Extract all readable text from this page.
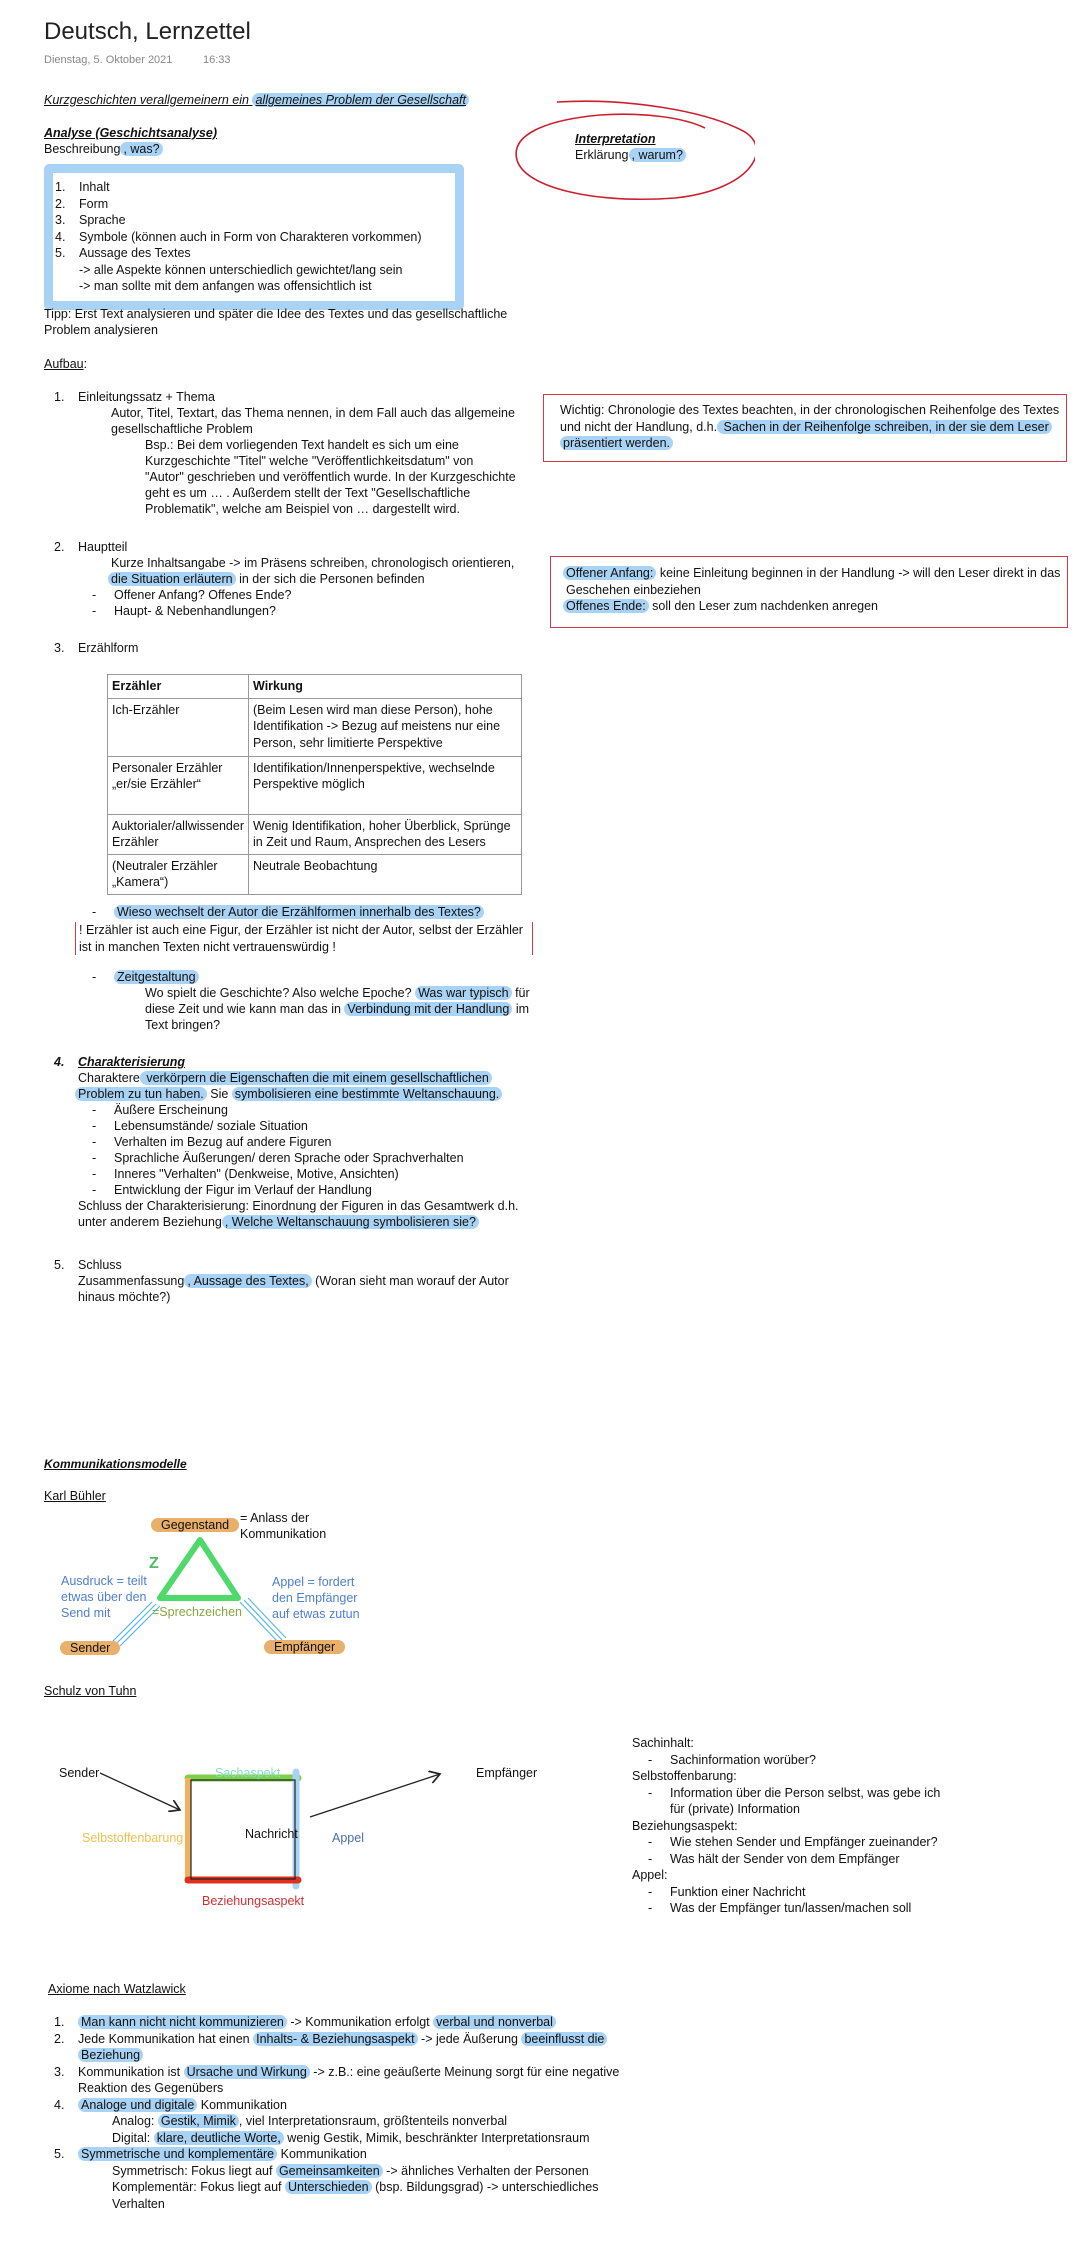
Deutsch, Lernzettel
Dienstag, 5. Oktober 2021	16:33
Kurzgeschichten verallgemeinern ein allgemeines Problem der Gesellschaft
Analyse (Geschichtsanalyse)
Beschreibung , was?
1. Inhalt
2. Form
3. Sprache
4. Symbole (können auch in Form von Charakteren vorkommen)
5. Aussage des Textes
-> alle Aspekte können unterschiedlich gewichtet/lang sein
-> man sollte mit dem anfangen was offensichtlich ist
Tipp: Erst Text analysieren und später die Idee des Textes und das gesellschaftliche
Problem analysieren
Interpretation
Erklärung , warum?
Aufbau:
1. Einleitungssatz + Thema
Autor, Titel, Textart, das Thema nennen, in dem Fall auch das allgemeine
gesellschaftliche Problem
Bsp.: Bei dem vorliegenden Text handelt es sich um eine
Kurzgeschichte "Titel" welche "Veröffentlichkeitsdatum" von
"Autor" geschrieben und veröffentlich wurde. In der Kurzgeschichte
geht es um … . Außerdem stellt der Text "Gesellschaftliche
Problematik", welche am Beispiel von … dargestellt wird.
2. Hauptteil
Kurze Inhaltsangabe -> im Präsens schreiben, chronologisch orientieren,
die Situation erläutern in der sich die Personen befinden
- Offener Anfang? Offenes Ende?
- Haupt- & Nebenhandlungen?
Wichtig: Chronologie des Textes beachten, in der chronologischen Reihenfolge des Textes
und nicht der Handlung, d.h. Sachen in der Reihenfolge schreiben, in der sie dem Leser
präsentiert werden.
Offener Anfang: keine Einleitung beginnen in der Handlung -> will den Leser direkt in das
Geschehen einbeziehen
Offenes Ende: soll den Leser zum nachdenken anregen
3. Erzählform
Erzähler	Wirkung
Ich-Erzähler	(Beim Lesen wird man diese Person), hohe Identifikation -> Bezug auf meistens nur eine Person, sehr limitierte Perspektive
Personaler Erzähler „er/sie Erzähler“	Identifikation/Innenperspektive, wechselnde Perspektive möglich
Auktorialer/allwissender Erzähler	Wenig Identifikation, hoher Überblick, Sprünge in Zeit und Raum, Ansprechen des Lesers
(Neutraler Erzähler „Kamera“)	Neutrale Beobachtung
- Wieso wechselt der Autor die Erzählformen innerhalb des Textes?
! Erzähler ist auch eine Figur, der Erzähler ist nicht der Autor, selbst der Erzähler
ist in manchen Texten nicht vertrauenswürdig !
- Zeitgestaltung
Wo spielt die Geschichte? Also welche Epoche? Was war typisch für
diese Zeit und wie kann man das in Verbindung mit der Handlung im
Text bringen?
4. Charakterisierung
Charaktere verkörpern die Eigenschaften die mit einem gesellschaftlichen
Problem zu tun haben. Sie symbolisieren eine bestimmte Weltanschauung.
- Äußere Erscheinung
- Lebensumstände/ soziale Situation
- Verhalten im Bezug auf andere Figuren
- Sprachliche Äußerungen/ deren Sprache oder Sprachverhalten
- Inneres "Verhalten" (Denkweise, Motive, Ansichten)
- Entwicklung der Figur im Verlauf der Handlung
Schluss der Charakterisierung: Einordnung der Figuren in das Gesamtwerk d.h.
unter anderem Beziehung , Welche Weltanschauung symbolisieren sie?
5. Schluss
Zusammenfassung , Aussage des Textes, (Woran sieht man worauf der Autor
hinaus möchte?)
Kommunikationsmodelle
Karl Bühler
Z
Gegenstand = Anlass der
Kommunikation
Ausdruck = teilt
etwas über den
Send mit
Appel = fordert
den Empfänger
auf etwas zutun
=Sprechzeichen
Sender	Empfänger
Schulz von Tuhn
Sender	Empfänger
Sachaspekt
Selbstoffenbarung	Nachricht	Appel
Beziehungsaspekt
Sachinhalt:
- Sachinformation worüber?
Selbstoffenbarung:
- Information über die Person selbst, was gebe ich
für (private) Information
Beziehungsaspekt:
- Wie stehen Sender und Empfänger zueinander?
- Was hält der Sender von dem Empfänger
Appel:
- Funktion einer Nachricht
- Was der Empfänger tun/lassen/machen soll
Axiome nach Watzlawick
1. Man kann nicht nicht kommunizieren -> Kommunikation erfolgt verbal und nonverbal
2. Jede Kommunikation hat einen Inhalts- & Beziehungsaspekt -> jede Äußerung beeinflusst die
Beziehung
3. Kommunikation ist Ursache und Wirkung -> z.B.: eine geäußerte Meinung sorgt für eine negative
Reaktion des Gegenübers
4. Analoge und digitale Kommunikation
Analog: Gestik, Mimik , viel Interpretationsraum, größtenteils nonverbal
Digital: klare, deutliche Worte, wenig Gestik, Mimik, beschränkter Interpretationsraum
5. Symmetrische und komplementäre Kommunikation
Symmetrisch: Fokus liegt auf Gemeinsamkeiten -> ähnliches Verhalten der Personen
Komplementär: Fokus liegt auf Unterschieden (bsp. Bildungsgrad) -> unterschiedliches
Verhalten
